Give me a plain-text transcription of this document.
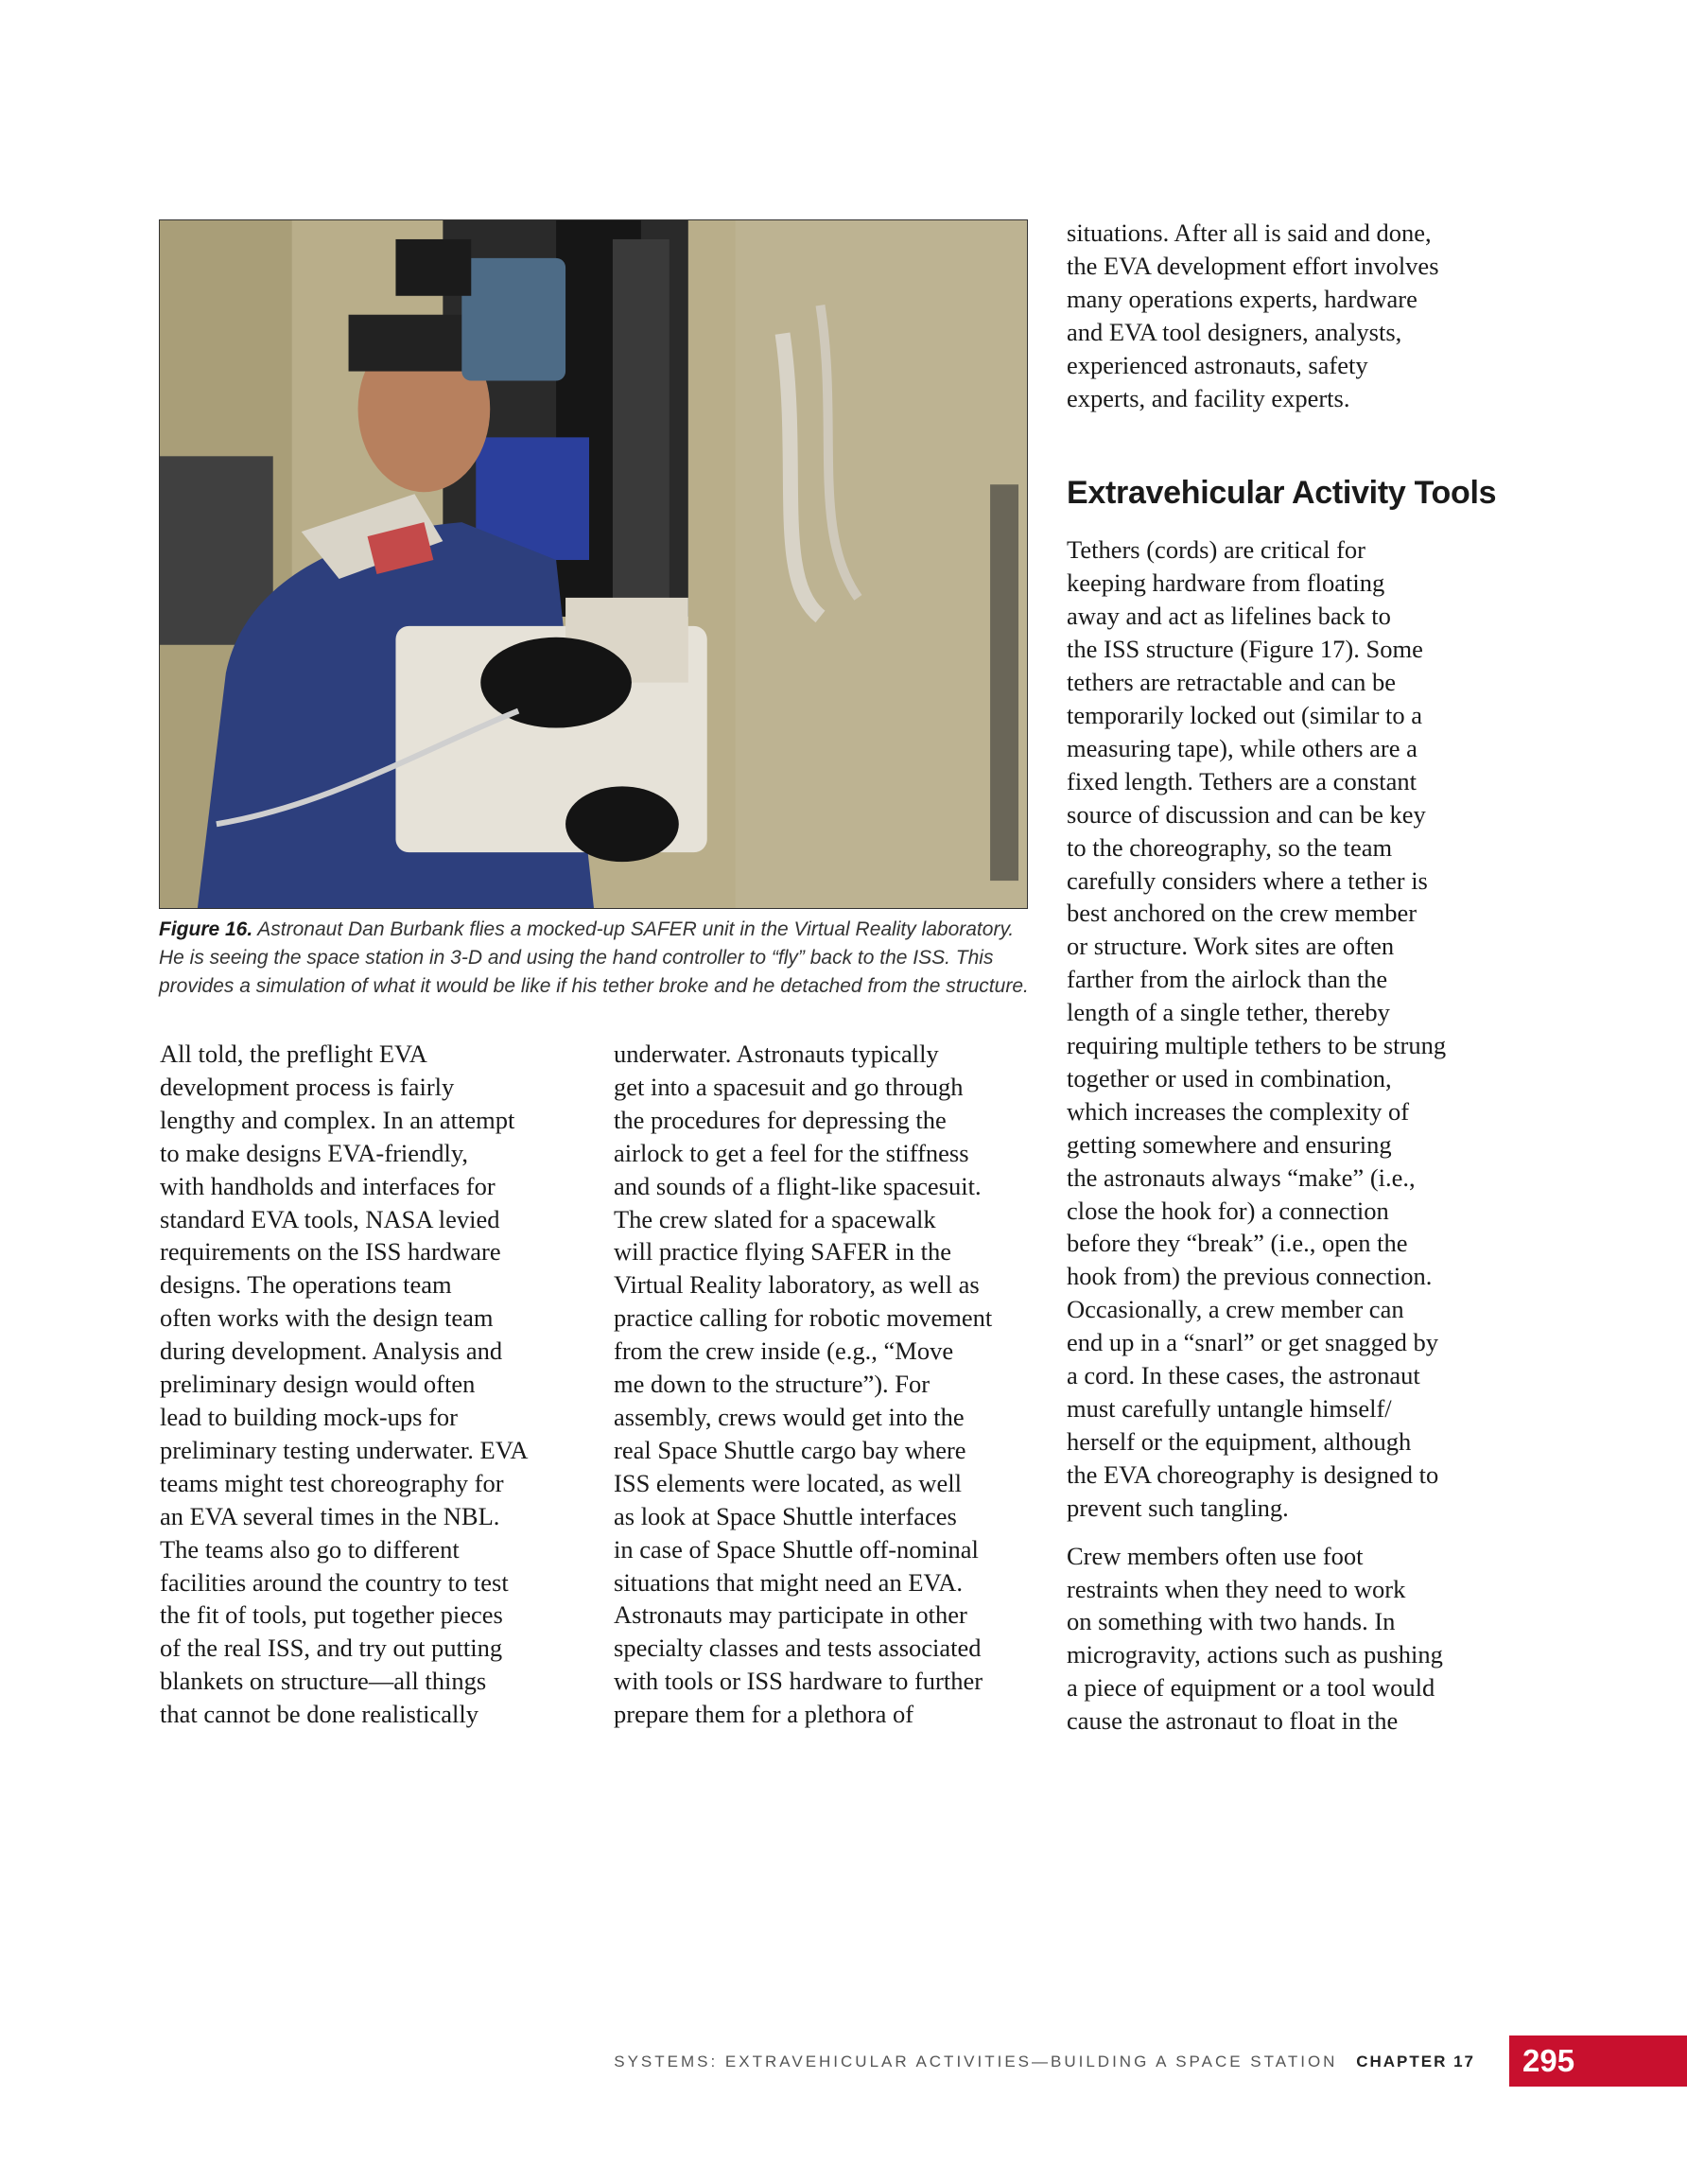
Figure 16. Astronaut Dan Burbank flies a mocked-up SAFER unit in the Virtual Reality laboratory. He is seeing the space station in 3-D and using the hand controller to “fly” back to the ISS. This provides a simulation of what it would be like if his tether broke and he detached from the structure.

All told, the preflight EVA
development process is fairly
lengthy and complex. In an attempt
to make designs EVA-friendly,
with handholds and interfaces for
standard EVA tools, NASA levied
requirements on the ISS hardware
designs. The operations team
often works with the design team
during development. Analysis and
preliminary design would often
lead to building mock-ups for
preliminary testing underwater. EVA
teams might test choreography for
an EVA several times in the NBL.
The teams also go to different
facilities around the country to test
the fit of tools, put together pieces
of the real ISS, and try out putting
blankets on structure—all things
that cannot be done realistically

underwater. Astronauts typically
get into a spacesuit and go through
the procedures for depressing the
airlock to get a feel for the stiffness
and sounds of a flight-like spacesuit.
The crew slated for a spacewalk
will practice flying SAFER in the
Virtual Reality laboratory, as well as
practice calling for robotic movement
from the crew inside (e.g., “Move
me down to the structure”). For
assembly, crews would get into the
real Space Shuttle cargo bay where
ISS elements were located, as well
as look at Space Shuttle interfaces
in case of Space Shuttle off-nominal
situations that might need an EVA.
Astronauts may participate in other
specialty classes and tests associated
with tools or ISS hardware to further
prepare them for a plethora of

situations. After all is said and done,
the EVA development effort involves
many operations experts, hardware
and EVA tool designers, analysts,
experienced astronauts, safety
experts, and facility experts.

Extravehicular Activity Tools

Tethers (cords) are critical for
keeping hardware from floating
away and act as lifelines back to
the ISS structure (Figure 17). Some
tethers are retractable and can be
temporarily locked out (similar to a
measuring tape), while others are a
fixed length. Tethers are a constant
source of discussion and can be key
to the choreography, so the team
carefully considers where a tether is
best anchored on the crew member
or structure. Work sites are often
farther from the airlock than the
length of a single tether, thereby
requiring multiple tethers to be strung
together or used in combination,
which increases the complexity of
getting somewhere and ensuring
the astronauts always “make” (i.e.,
close the hook for) a connection
before they “break” (i.e., open the
hook from) the previous connection.
Occasionally, a crew member can
end up in a “snarl” or get snagged by
a cord. In these cases, the astronaut
must carefully untangle himself/
herself or the equipment, although
the EVA choreography is designed to
prevent such tangling.

Crew members often use foot
restraints when they need to work
on something with two hands. In
microgravity, actions such as pushing
a piece of equipment or a tool would
cause the astronaut to float in the

SYSTEMS: EXTRAVEHICULAR ACTIVITIES—BUILDING A SPACE STATION CHAPTER 17	295
